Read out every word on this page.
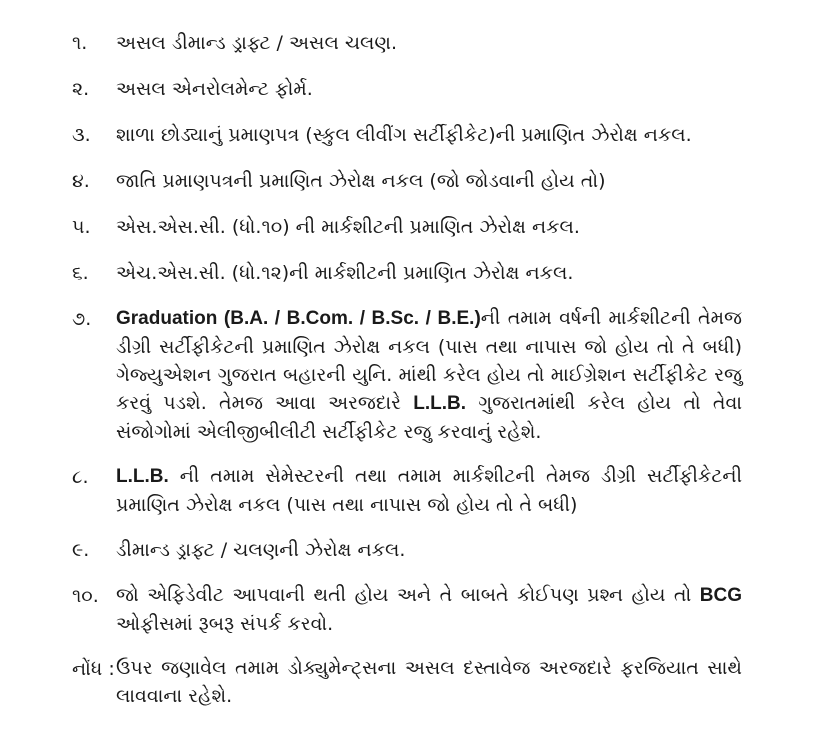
૧.	અસલ ડીમાન્ડ ડ્રાફ્ટ / અસલ ચલણ.
૨.	અસલ એનરોલમેન્ટ ફોર્મ.
૩.	શાળા છોડ્યાનું પ્રમાણપત્ર (સ્કુલ લીવીંગ સર્ટીફીકેટ)ની પ્રમાણિત ઝેરોક્ષ નકલ.
૪.	જાતિ પ્રમાણપત્રની પ્રમાણિત ઝેરોક્ષ નકલ (જો જોડવાની હોય તો)
૫.	એસ.એસ.સી. (ધો.૧૦) ની માર્કશીટની પ્રમાણિત ઝેરોક્ષ નકલ.
૬.	એચ.એસ.સી. (ધો.૧૨)ની માર્કશીટની પ્રમાણિત ઝેરોક્ષ નકલ.
૭.	Graduation (B.A. / B.Com. / B.Sc. / B.E.)ની તમામ વર્ષની માર્કશીટની તેમજ ડીગ્રી સર્ટીફીકેટની પ્રમાણિત ઝેરોક્ષ નકલ (પાસ તથા નાપાસ જો હોય તો તે બધી) ગેજ્યુએશન ગુજરાત બહારની યુનિ. માંથી કરેલ હોય તો માઈગ્રેશન સર્ટીફીકેટ રજુ કરવું પડશે. તેમજ આવા અરજદારે L.L.B. ગુજરાતમાંથી કરેલ હોય તો તેવા સંજોગોમાં એલીજીબીલીટી સર્ટીફીકેટ રજુ કરવાનું રહેશે.
૮.	L.L.B. ની તમામ સેમેસ્ટરની તથા તમામ માર્કશીટની તેમજ ડીગ્રી સર્ટીફીકેટની પ્રમાણિત ઝેરોક્ષ નકલ (પાસ તથા નાપાસ જો હોય તો તે બધી)
૯.	ડીમાન્ડ ડ્રાફ્ટ / ચલણની ઝેરોક્ષ નકલ.
૧૦. જો એફિડેવીટ આપવાની થતી હોય અને તે બાબતે કોઈપણ પ્રશ્ન હોય તો BCG ઓફીસમાં રૂબરૂ સંપર્ક કરવો.
નોંધ : ઉપર જણાવેલ તમામ ડોક્યુમેન્ટ્સના અસલ દસ્તાવેજ અરજદારે ફરજિયાત સાથે લાવવાના રહેશે.
